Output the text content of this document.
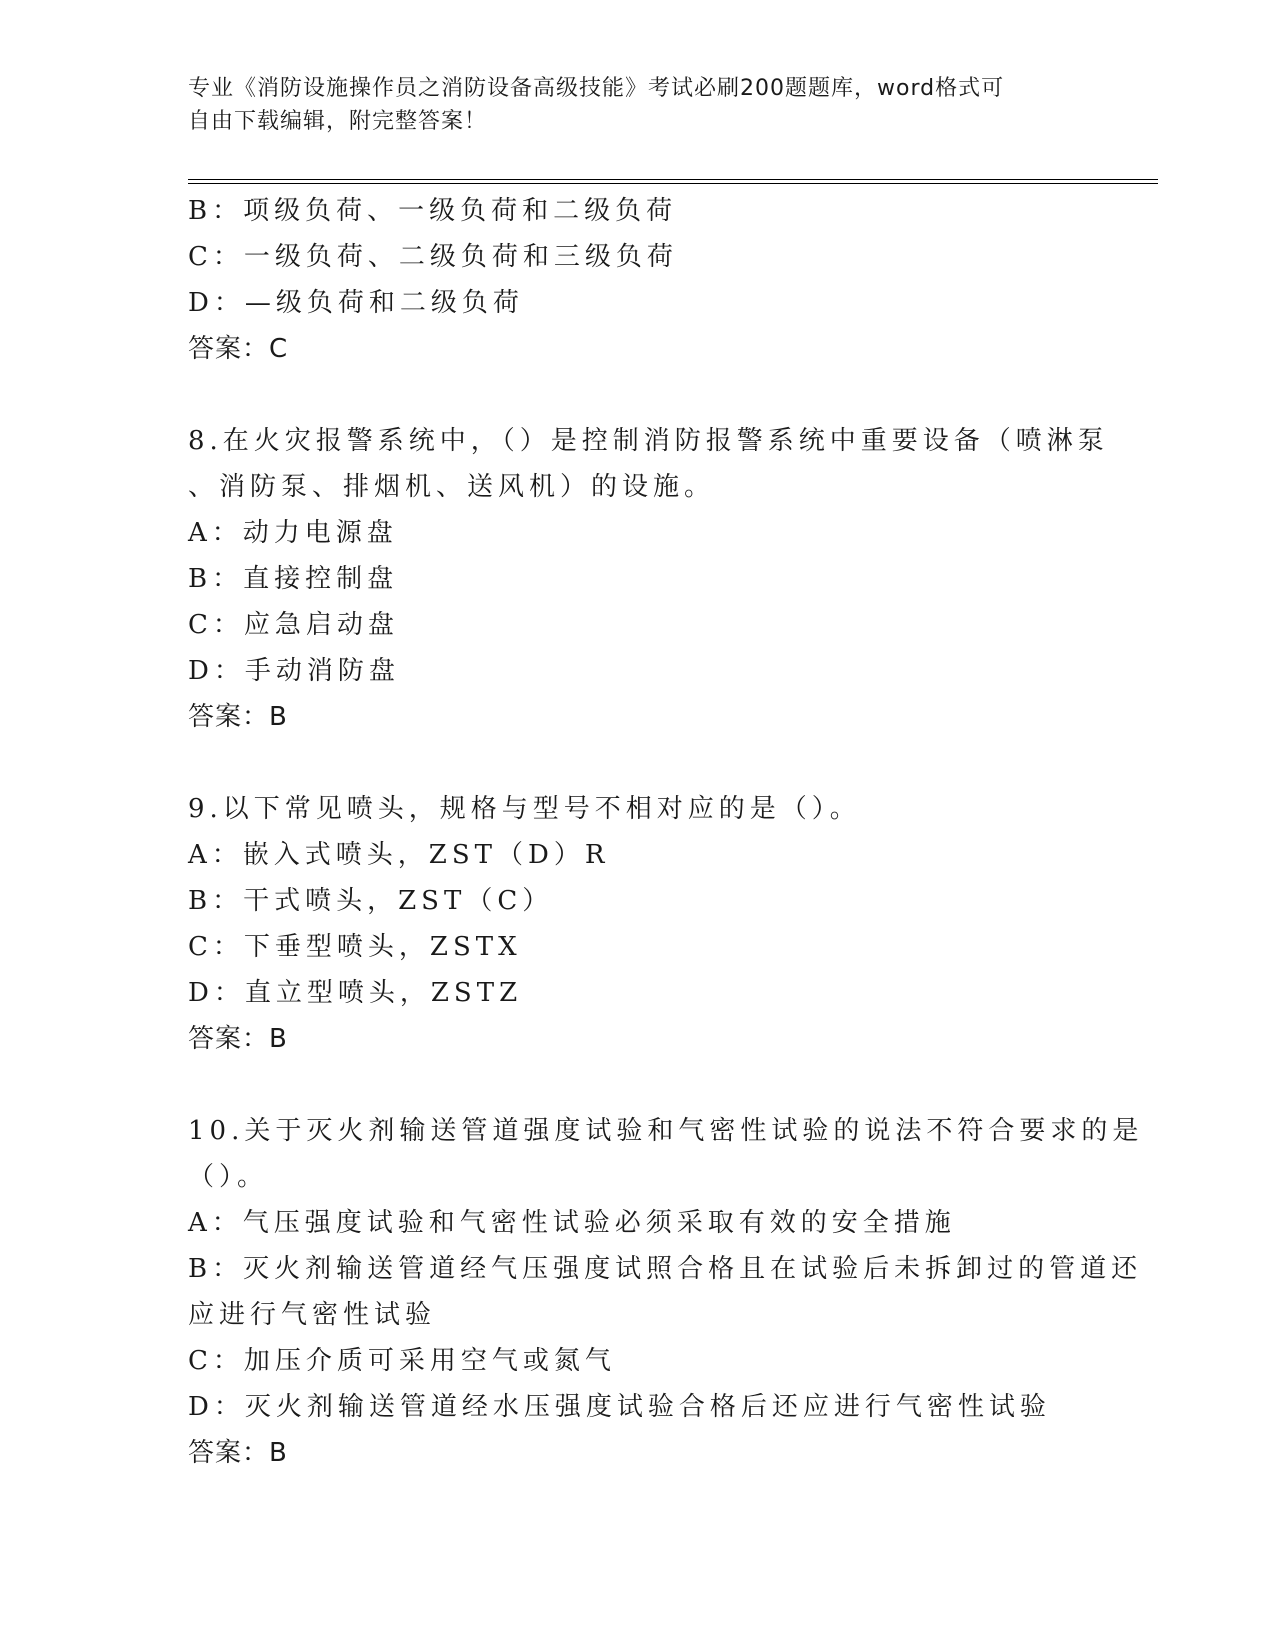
专业《消防设施操作员之消防设备高级技能》考试必刷200题题库，word格式可
自由下载编辑，附完整答案！
B：项级负荷、一级负荷和二级负荷
C：一级负荷、二级负荷和三级负荷
D：—级负荷和二级负荷
答案：C
8.在火灾报警系统中，（）是控制消防报警系统中重要设备（喷淋泵
、消防泵、排烟机、送风机）的设施。
A：动力电源盘
B：直接控制盘
C：应急启动盘
D：手动消防盘
答案：B
9.以下常见喷头，规格与型号不相对应的是（）。
A：嵌入式喷头，ZST（D）R
B：干式喷头，ZST（C）
C：下垂型喷头，ZSTX
D：直立型喷头，ZSTZ
答案：B
10.关于灭火剂输送管道强度试验和气密性试验的说法不符合要求的是
（）。
A：气压强度试验和气密性试验必须采取有效的安全措施
B：灭火剂输送管道经气压强度试照合格且在试验后未拆卸过的管道还
应进行气密性试验
C：加压介质可采用空气或氮气
D：灭火剂输送管道经水压强度试验合格后还应进行气密性试验
答案：B
